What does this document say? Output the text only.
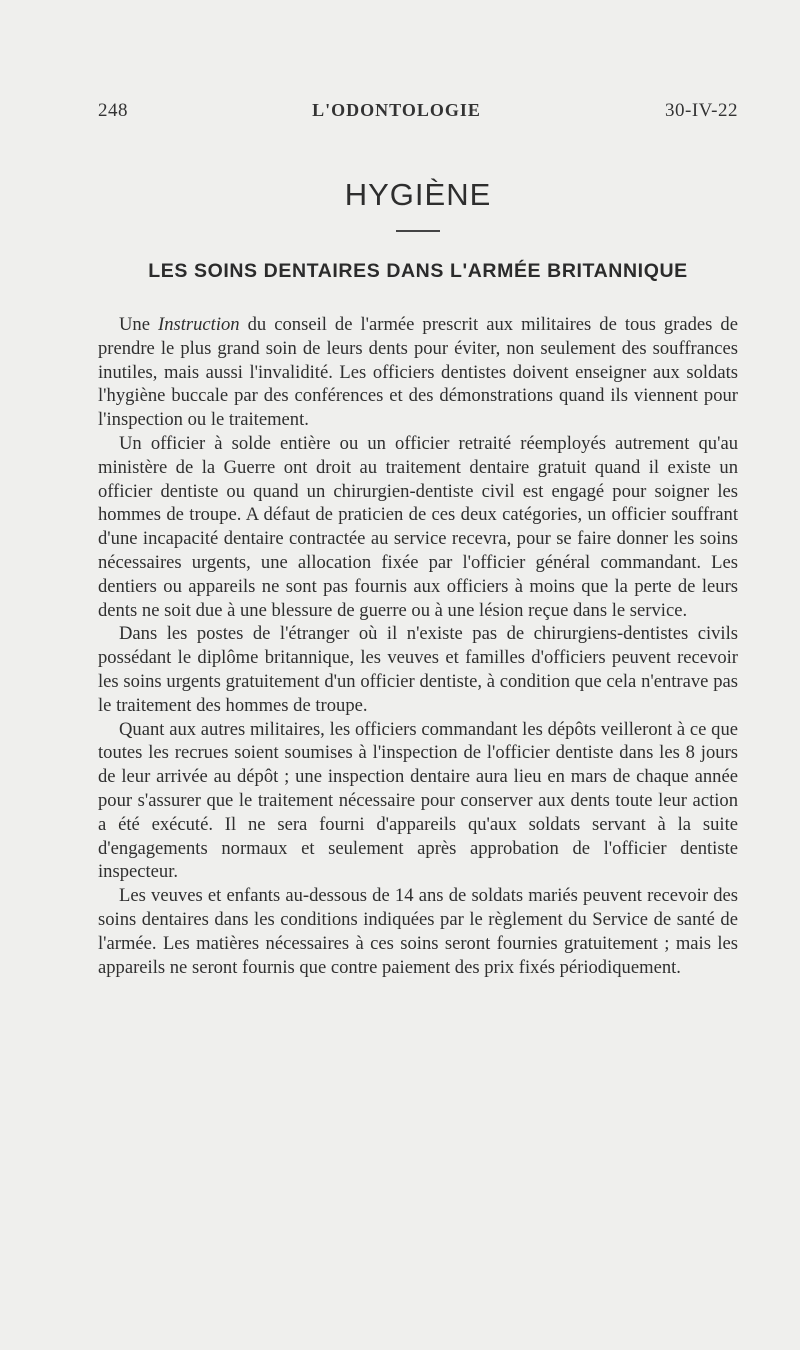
248	L'ODONTOLOGIE	30-IV-22
HYGIÈNE
LES SOINS DENTAIRES DANS L'ARMÉE BRITANNIQUE

Une Instruction du conseil de l'armée prescrit aux militaires de tous grades de prendre le plus grand soin de leurs dents pour éviter, non seulement des souffrances inutiles, mais aussi l'invalidité. Les officiers dentistes doivent enseigner aux soldats l'hygiène buccale par des conférences et des démonstrations quand ils viennent pour l'inspection ou le traitement.

Un officier à solde entière ou un officier retraité réemployés autrement qu'au ministère de la Guerre ont droit au traitement dentaire gratuit quand il existe un officier dentiste ou quand un chirurgien-dentiste civil est engagé pour soigner les hommes de troupe. A défaut de praticien de ces deux catégories, un officier souffrant d'une incapacité dentaire contractée au service recevra, pour se faire donner les soins nécessaires urgents, une allocation fixée par l'officier général commandant. Les dentiers ou appareils ne sont pas fournis aux officiers à moins que la perte de leurs dents ne soit due à une blessure de guerre ou à une lésion reçue dans le service.

Dans les postes de l'étranger où il n'existe pas de chirurgiens-dentistes civils possédant le diplôme britannique, les veuves et familles d'officiers peuvent recevoir les soins urgents gratuitement d'un officier dentiste, à condition que cela n'entrave pas le traitement des hommes de troupe.

Quant aux autres militaires, les officiers commandant les dépôts veilleront à ce que toutes les recrues soient soumises à l'inspection de l'officier dentiste dans les 8 jours de leur arrivée au dépôt ; une inspection dentaire aura lieu en mars de chaque année pour s'assurer que le traitement nécessaire pour conserver aux dents toute leur action a été exécuté. Il ne sera fourni d'appareils qu'aux soldats servant à la suite d'engagements normaux et seulement après approbation de l'officier dentiste inspecteur.

Les veuves et enfants au-dessous de 14 ans de soldats mariés peuvent recevoir des soins dentaires dans les conditions indiquées par le règlement du Service de santé de l'armée. Les matières nécessaires à ces soins seront fournies gratuitement ; mais les appareils ne seront fournis que contre paiement des prix fixés périodiquement.
